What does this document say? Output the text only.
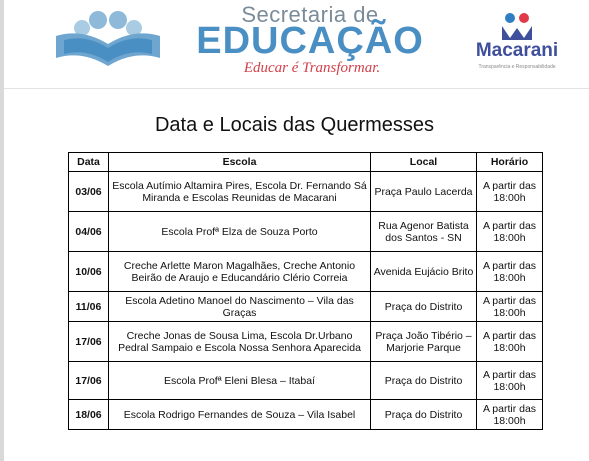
Secretaria de
EDUCAÇÃO
Educar é Transformar.
Macarani
Transparência e Responsabilidade
Data e Locais das Quermesses
Data	Escola	Local	Horário
03/06	Escola Autímio Altamira Pires, Escola Dr. Fernando Sá Miranda e Escolas Reunidas de Macarani	Praça Paulo Lacerda	A partir das 18:00h
04/06	Escola Profª Elza de Souza Porto	Rua Agenor Batista dos Santos - SN	A partir das 18:00h
10/06	Creche Arlette Maron Magalhães, Creche Antonio Beirão de Araujo e Educandário Clério Correia	Avenida Eujácio Brito	A partir das 18:00h
11/06	Escola Adetino Manoel do Nascimento – Vila das Graças	Praça do Distrito	A partir das 18:00h
17/06	Creche Jonas de Sousa Lima, Escola Dr.Urbano Pedral Sampaio e Escola Nossa Senhora Aparecida	Praça João Tibério – Marjorie Parque	A partir das 18:00h
17/06	Escola Profª Eleni Blesa – Itabaí	Praça do Distrito	A partir das 18:00h
18/06	Escola Rodrigo Fernandes de Souza – Vila Isabel	Praça do Distrito	A partir das 18:00h
